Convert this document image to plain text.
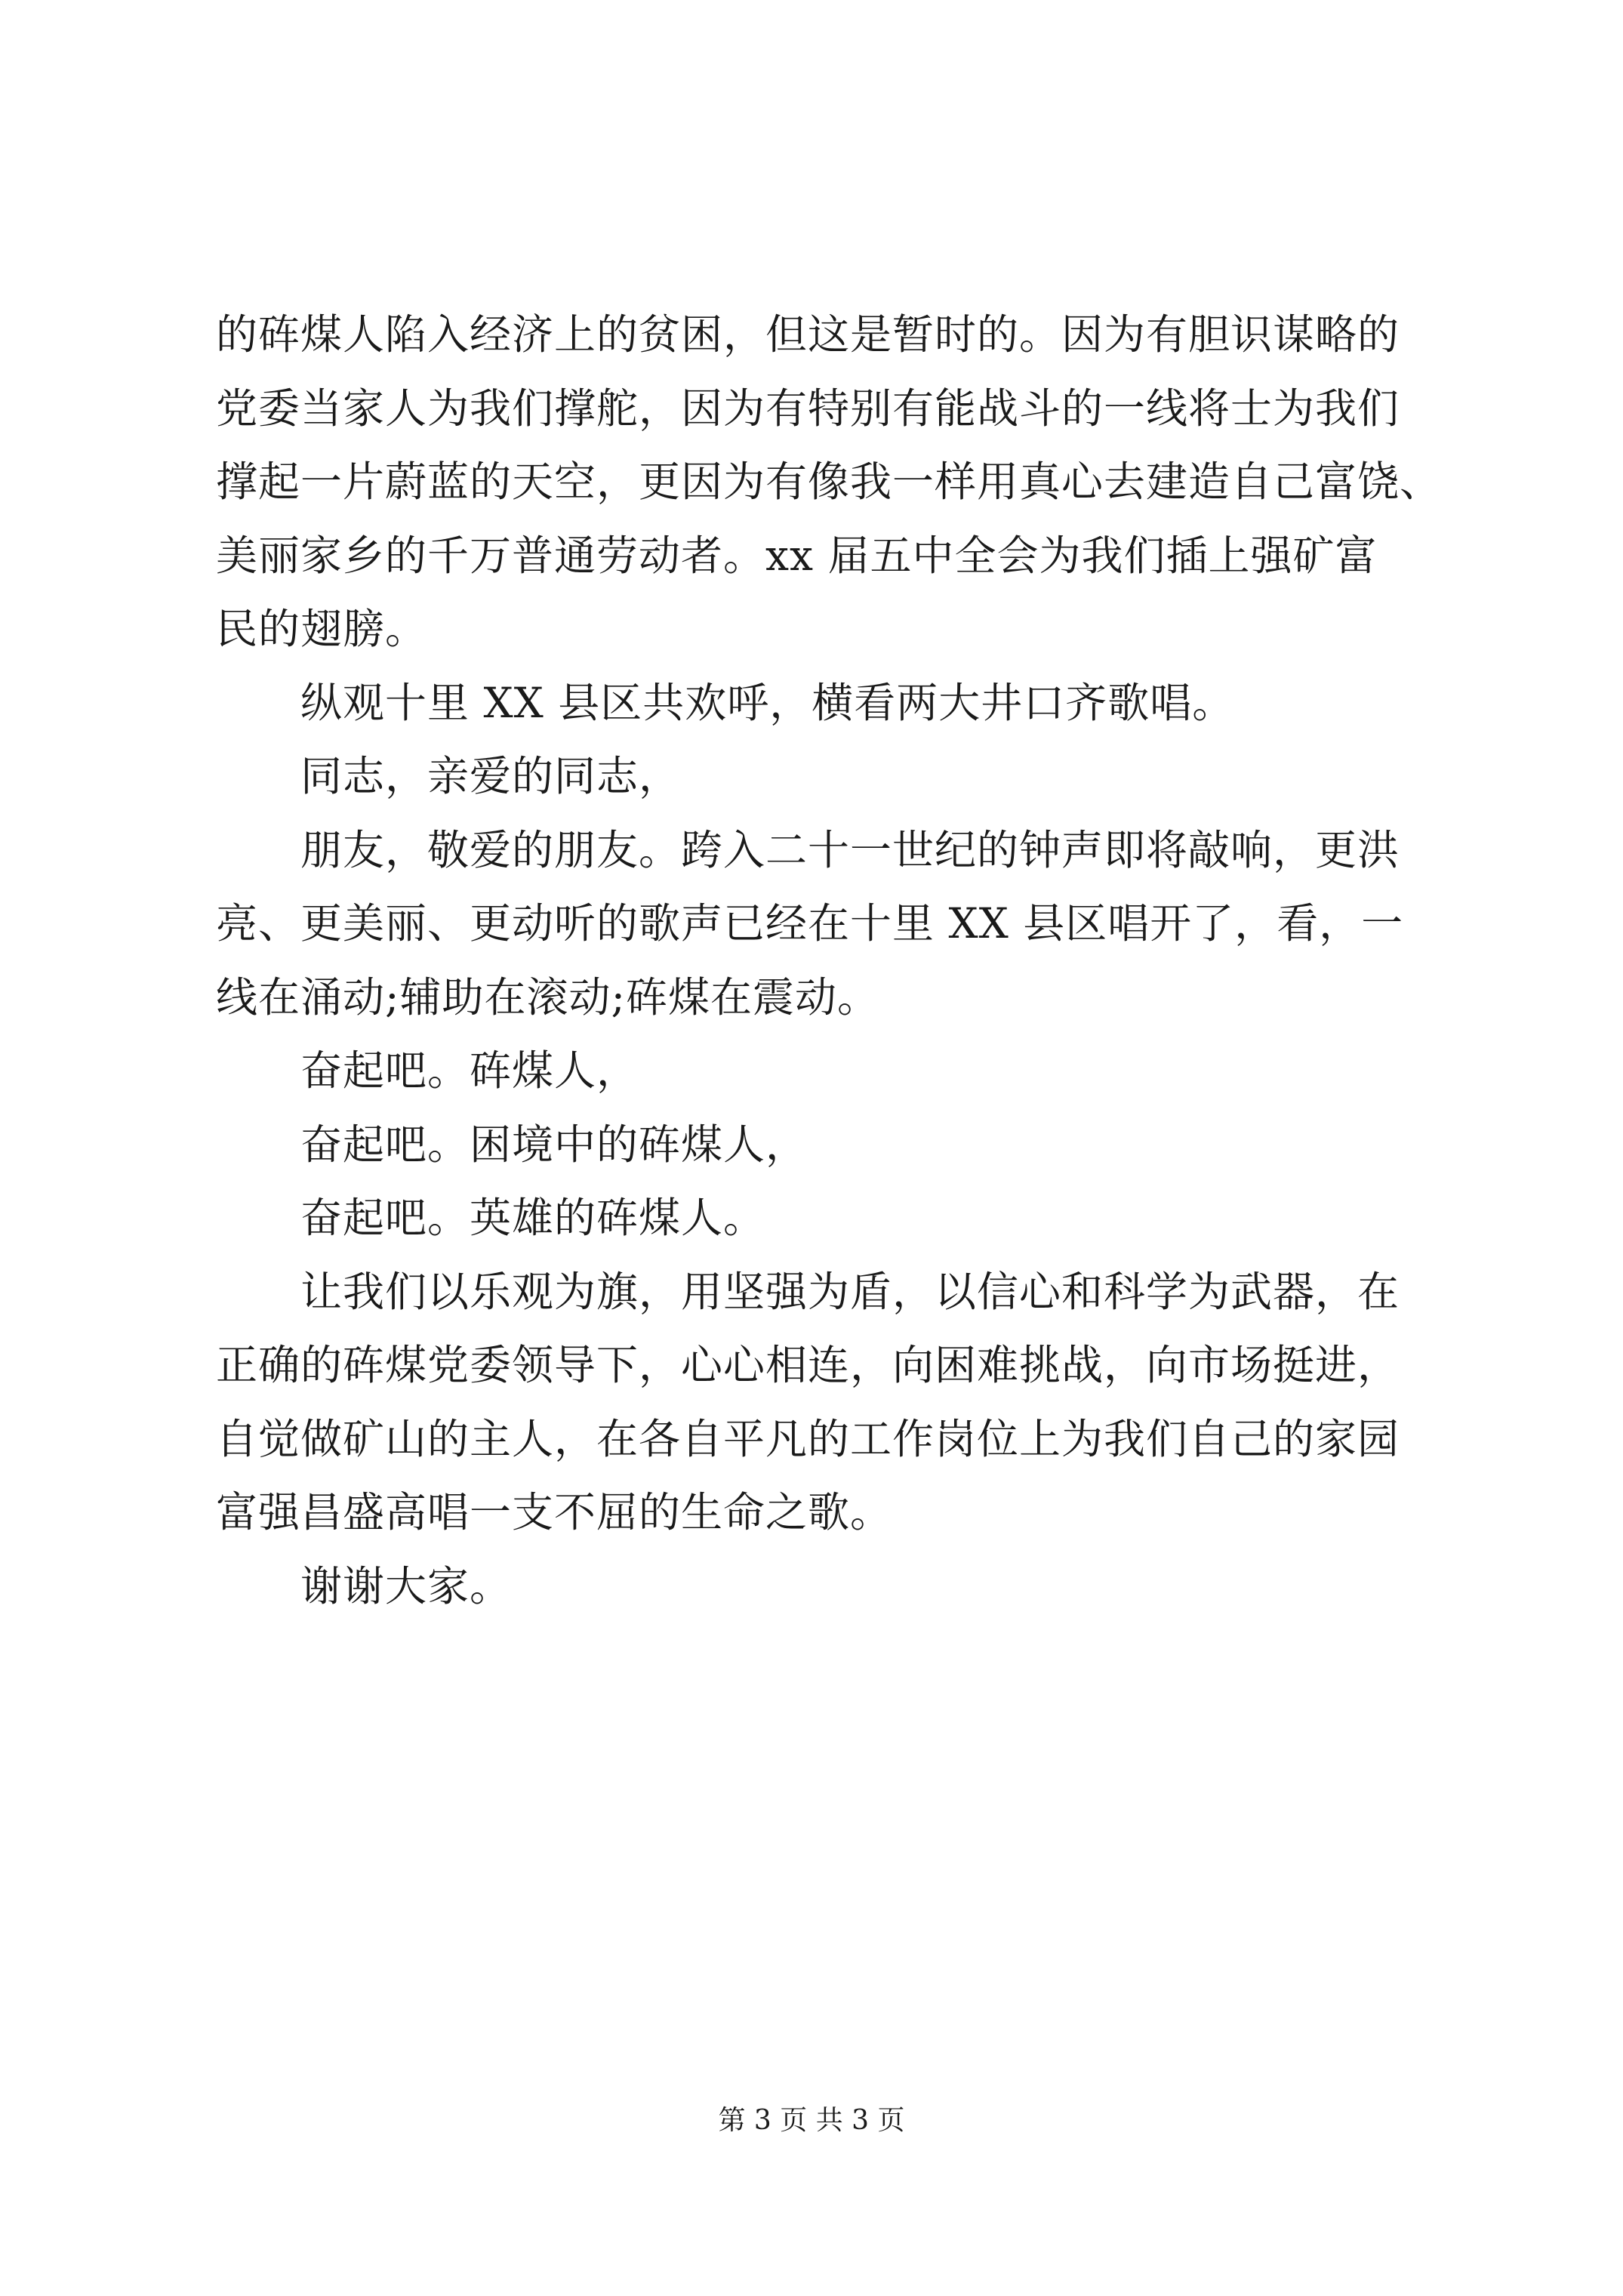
的砗煤人陷入经济上的贫困，但这是暂时的。因为有胆识谋略的
党委当家人为我们撑舵，因为有特别有能战斗的一线将士为我们
撑起一片蔚蓝的天空，更因为有像我一样用真心去建造自己富饶、
美丽家乡的千万普通劳动者。xx 届五中全会为我们插上强矿富
民的翅膀。

纵观十里 XX 县区共欢呼，横看两大井口齐歌唱。

同志，亲爱的同志，

朋友，敬爱的朋友。跨入二十一世纪的钟声即将敲响，更洪
亮、更美丽、更动听的歌声已经在十里 XX 县区唱开了，看，一
线在涌动;辅助在滚动;砗煤在震动。

奋起吧。砗煤人，

奋起吧。困境中的砗煤人，

奋起吧。英雄的砗煤人。

让我们以乐观为旗，用坚强为盾，以信心和科学为武器，在
正确的砗煤党委领导下，心心相连，向困难挑战，向市场挺进，
自觉做矿山的主人，在各自平凡的工作岗位上为我们自己的家园
富强昌盛高唱一支不屈的生命之歌。

谢谢大家。

第 3 页 共 3 页
